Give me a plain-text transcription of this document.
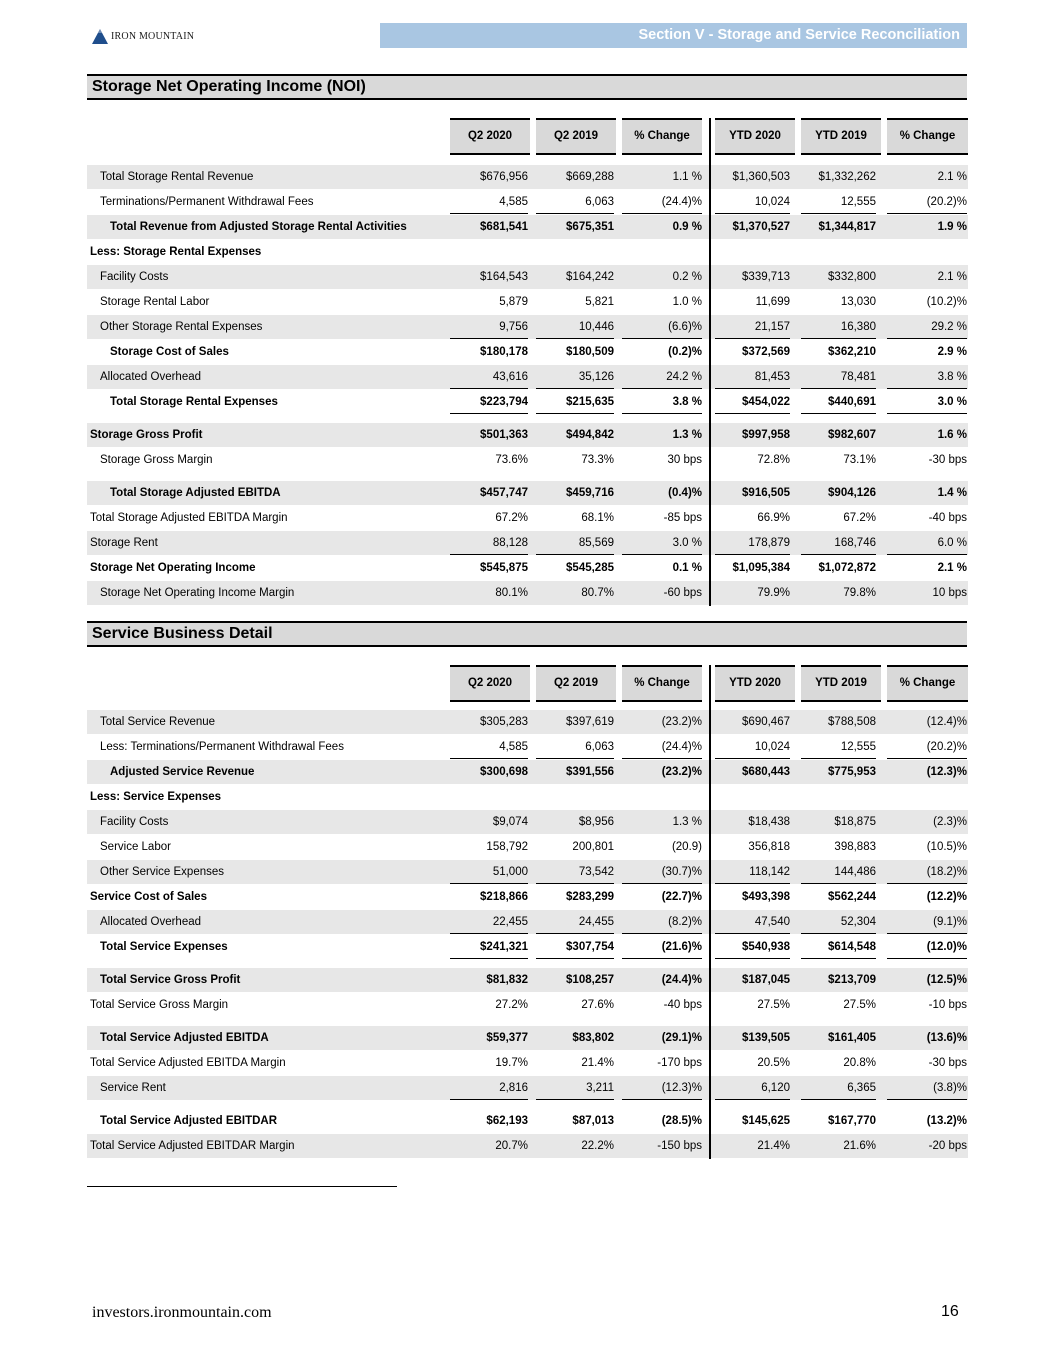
IRON MOUNTAIN	Section V - Storage and Service Reconciliation
Storage Net Operating Income (NOI)
Q2 2020	Q2 2019	% Change	YTD 2020	YTD 2019	% Change
Total Storage Rental Revenue	$676,956	$669,288	1.1 %	$1,360,503	$1,332,262	2.1 %
Terminations/Permanent Withdrawal Fees	4,585	6,063	(24.4)%	10,024	12,555	(20.2)%
Total Revenue from Adjusted Storage Rental Activities	$681,541	$675,351	0.9 %	$1,370,527	$1,344,817	1.9 %
Less: Storage Rental Expenses
Facility Costs	$164,543	$164,242	0.2 %	$339,713	$332,800	2.1 %
Storage Rental Labor	5,879	5,821	1.0 %	11,699	13,030	(10.2)%
Other Storage Rental Expenses	9,756	10,446	(6.6)%	21,157	16,380	29.2 %
Storage Cost of Sales	$180,178	$180,509	(0.2)%	$372,569	$362,210	2.9 %
Allocated Overhead	43,616	35,126	24.2 %	81,453	78,481	3.8 %
Total Storage Rental Expenses	$223,794	$215,635	3.8 %	$454,022	$440,691	3.0 %
Storage Gross Profit	$501,363	$494,842	1.3 %	$997,958	$982,607	1.6 %
Storage Gross Margin	73.6%	73.3%	30 bps	72.8%	73.1%	-30 bps
Total Storage Adjusted EBITDA	$457,747	$459,716	(0.4)%	$916,505	$904,126	1.4 %
Total Storage Adjusted EBITDA Margin	67.2%	68.1%	-85 bps	66.9%	67.2%	-40 bps
Storage Rent	88,128	85,569	3.0 %	178,879	168,746	6.0 %
Storage Net Operating Income	$545,875	$545,285	0.1 %	$1,095,384	$1,072,872	2.1 %
Storage Net Operating Income Margin	80.1%	80.7%	-60 bps	79.9%	79.8%	10 bps
Service Business Detail
Q2 2020	Q2 2019	% Change	YTD 2020	YTD 2019	% Change
Total Service Revenue	$305,283	$397,619	(23.2)%	$690,467	$788,508	(12.4)%
Less: Terminations/Permanent Withdrawal Fees	4,585	6,063	(24.4)%	10,024	12,555	(20.2)%
Adjusted Service Revenue	$300,698	$391,556	(23.2)%	$680,443	$775,953	(12.3)%
Less: Service Expenses
Facility Costs	$9,074	$8,956	1.3 %	$18,438	$18,875	(2.3)%
Service Labor	158,792	200,801	(20.9)	356,818	398,883	(10.5)%
Other Service Expenses	51,000	73,542	(30.7)%	118,142	144,486	(18.2)%
Service Cost of Sales	$218,866	$283,299	(22.7)%	$493,398	$562,244	(12.2)%
Allocated Overhead	22,455	24,455	(8.2)%	47,540	52,304	(9.1)%
Total Service Expenses	$241,321	$307,754	(21.6)%	$540,938	$614,548	(12.0)%
Total Service Gross Profit	$81,832	$108,257	(24.4)%	$187,045	$213,709	(12.5)%
Total Service Gross Margin	27.2%	27.6%	-40 bps	27.5%	27.5%	-10 bps
Total Service Adjusted EBITDA	$59,377	$83,802	(29.1)%	$139,505	$161,405	(13.6)%
Total Service Adjusted EBITDA Margin	19.7%	21.4%	-170 bps	20.5%	20.8%	-30 bps
Service Rent	2,816	3,211	(12.3)%	6,120	6,365	(3.8)%
Total Service Adjusted EBITDAR	$62,193	$87,013	(28.5)%	$145,625	$167,770	(13.2)%
Total Service Adjusted EBITDAR Margin	20.7%	22.2%	-150 bps	21.4%	21.6%	-20 bps
investors.ironmountain.com	16
